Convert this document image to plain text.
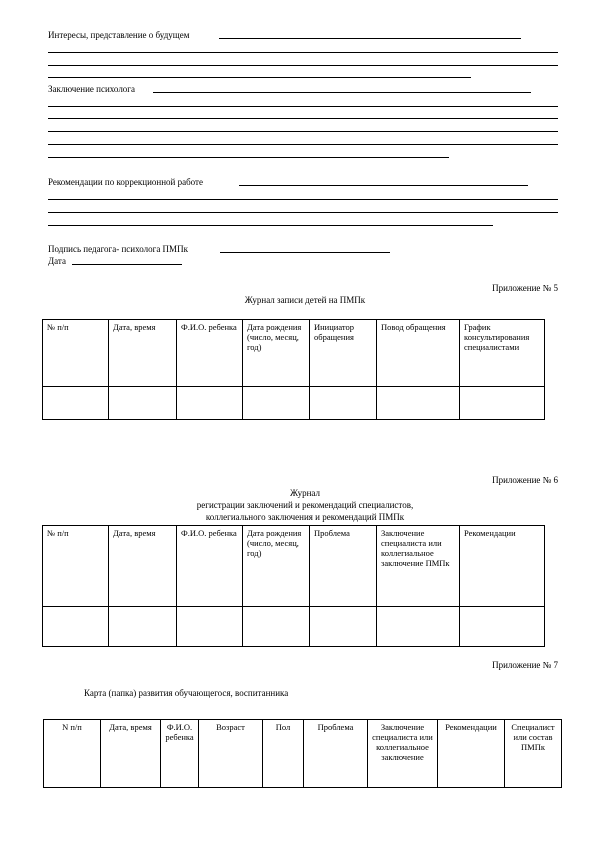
Интересы, представление о будущем
Заключение психолога
Рекомендации по коррекционной работе
Подпись педагога- психолога ПМПк
Дата
Приложение № 5
Журнал записи детей на ПМПк
№ п/п	Дата, время	Ф.И.О. ребенка	Дата рождения (число, месяц, год)	Инициатор обращения	Повод обращения	График консультирования специалистами

Приложение № 6
Журнал
регистрации заключений и рекомендаций специалистов,
коллегиального заключения и рекомендаций ПМПк
№ п/п	Дата, время	Ф.И.О. ребенка	Дата рождения (число, месяц, год)	Проблема	Заключение специалиста или коллегиальное заключение ПМПк	Рекомендации

Приложение № 7
Карта (папка) развития обучающегося, воспитанника
N п/п	Дата, время	Ф.И.О. ребенка	Возраст	Пол	Проблема	Заключение специалиста или коллегиальное заключение	Рекомендации	Специалист или состав ПМПк
